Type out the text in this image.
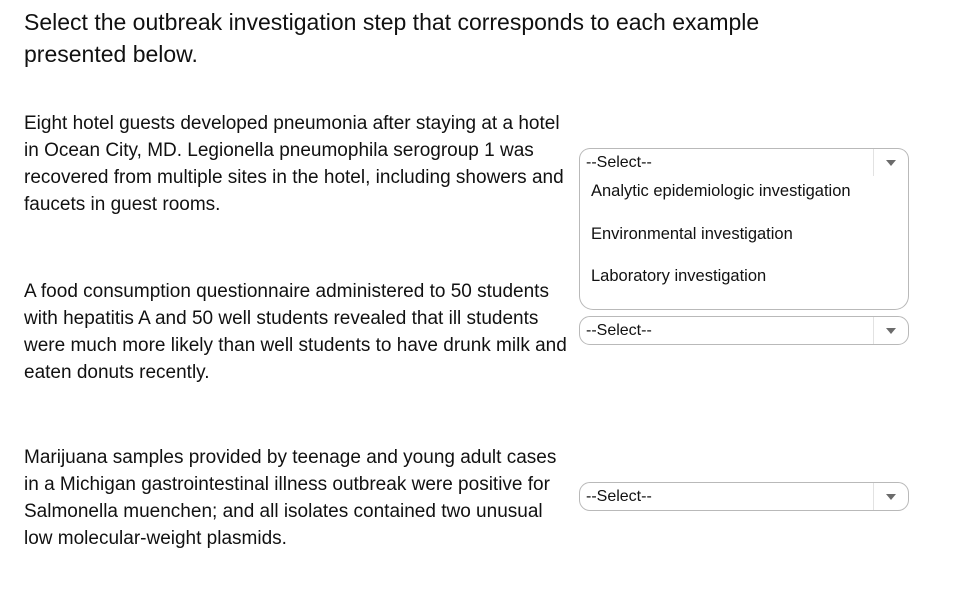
Select the outbreak investigation step that corresponds to each example presented below.

Eight hotel guests developed pneumonia after staying at a hotel in Ocean City, MD. Legionella pneumophila serogroup 1 was recovered from multiple sites in the hotel, including showers and faucets in guest rooms.

A food consumption questionnaire administered to 50 students with hepatitis A and 50 well students revealed that ill students were much more likely than well students to have drunk milk and eaten donuts recently.

Marijuana samples provided by teenage and young adult cases in a Michigan gastrointestinal illness outbreak were positive for Salmonella muenchen; and all isolates contained two unusual low molecular-weight plasmids.

--Select--
Analytic epidemiologic investigation
Environmental investigation
Laboratory investigation
--Select--
--Select--
